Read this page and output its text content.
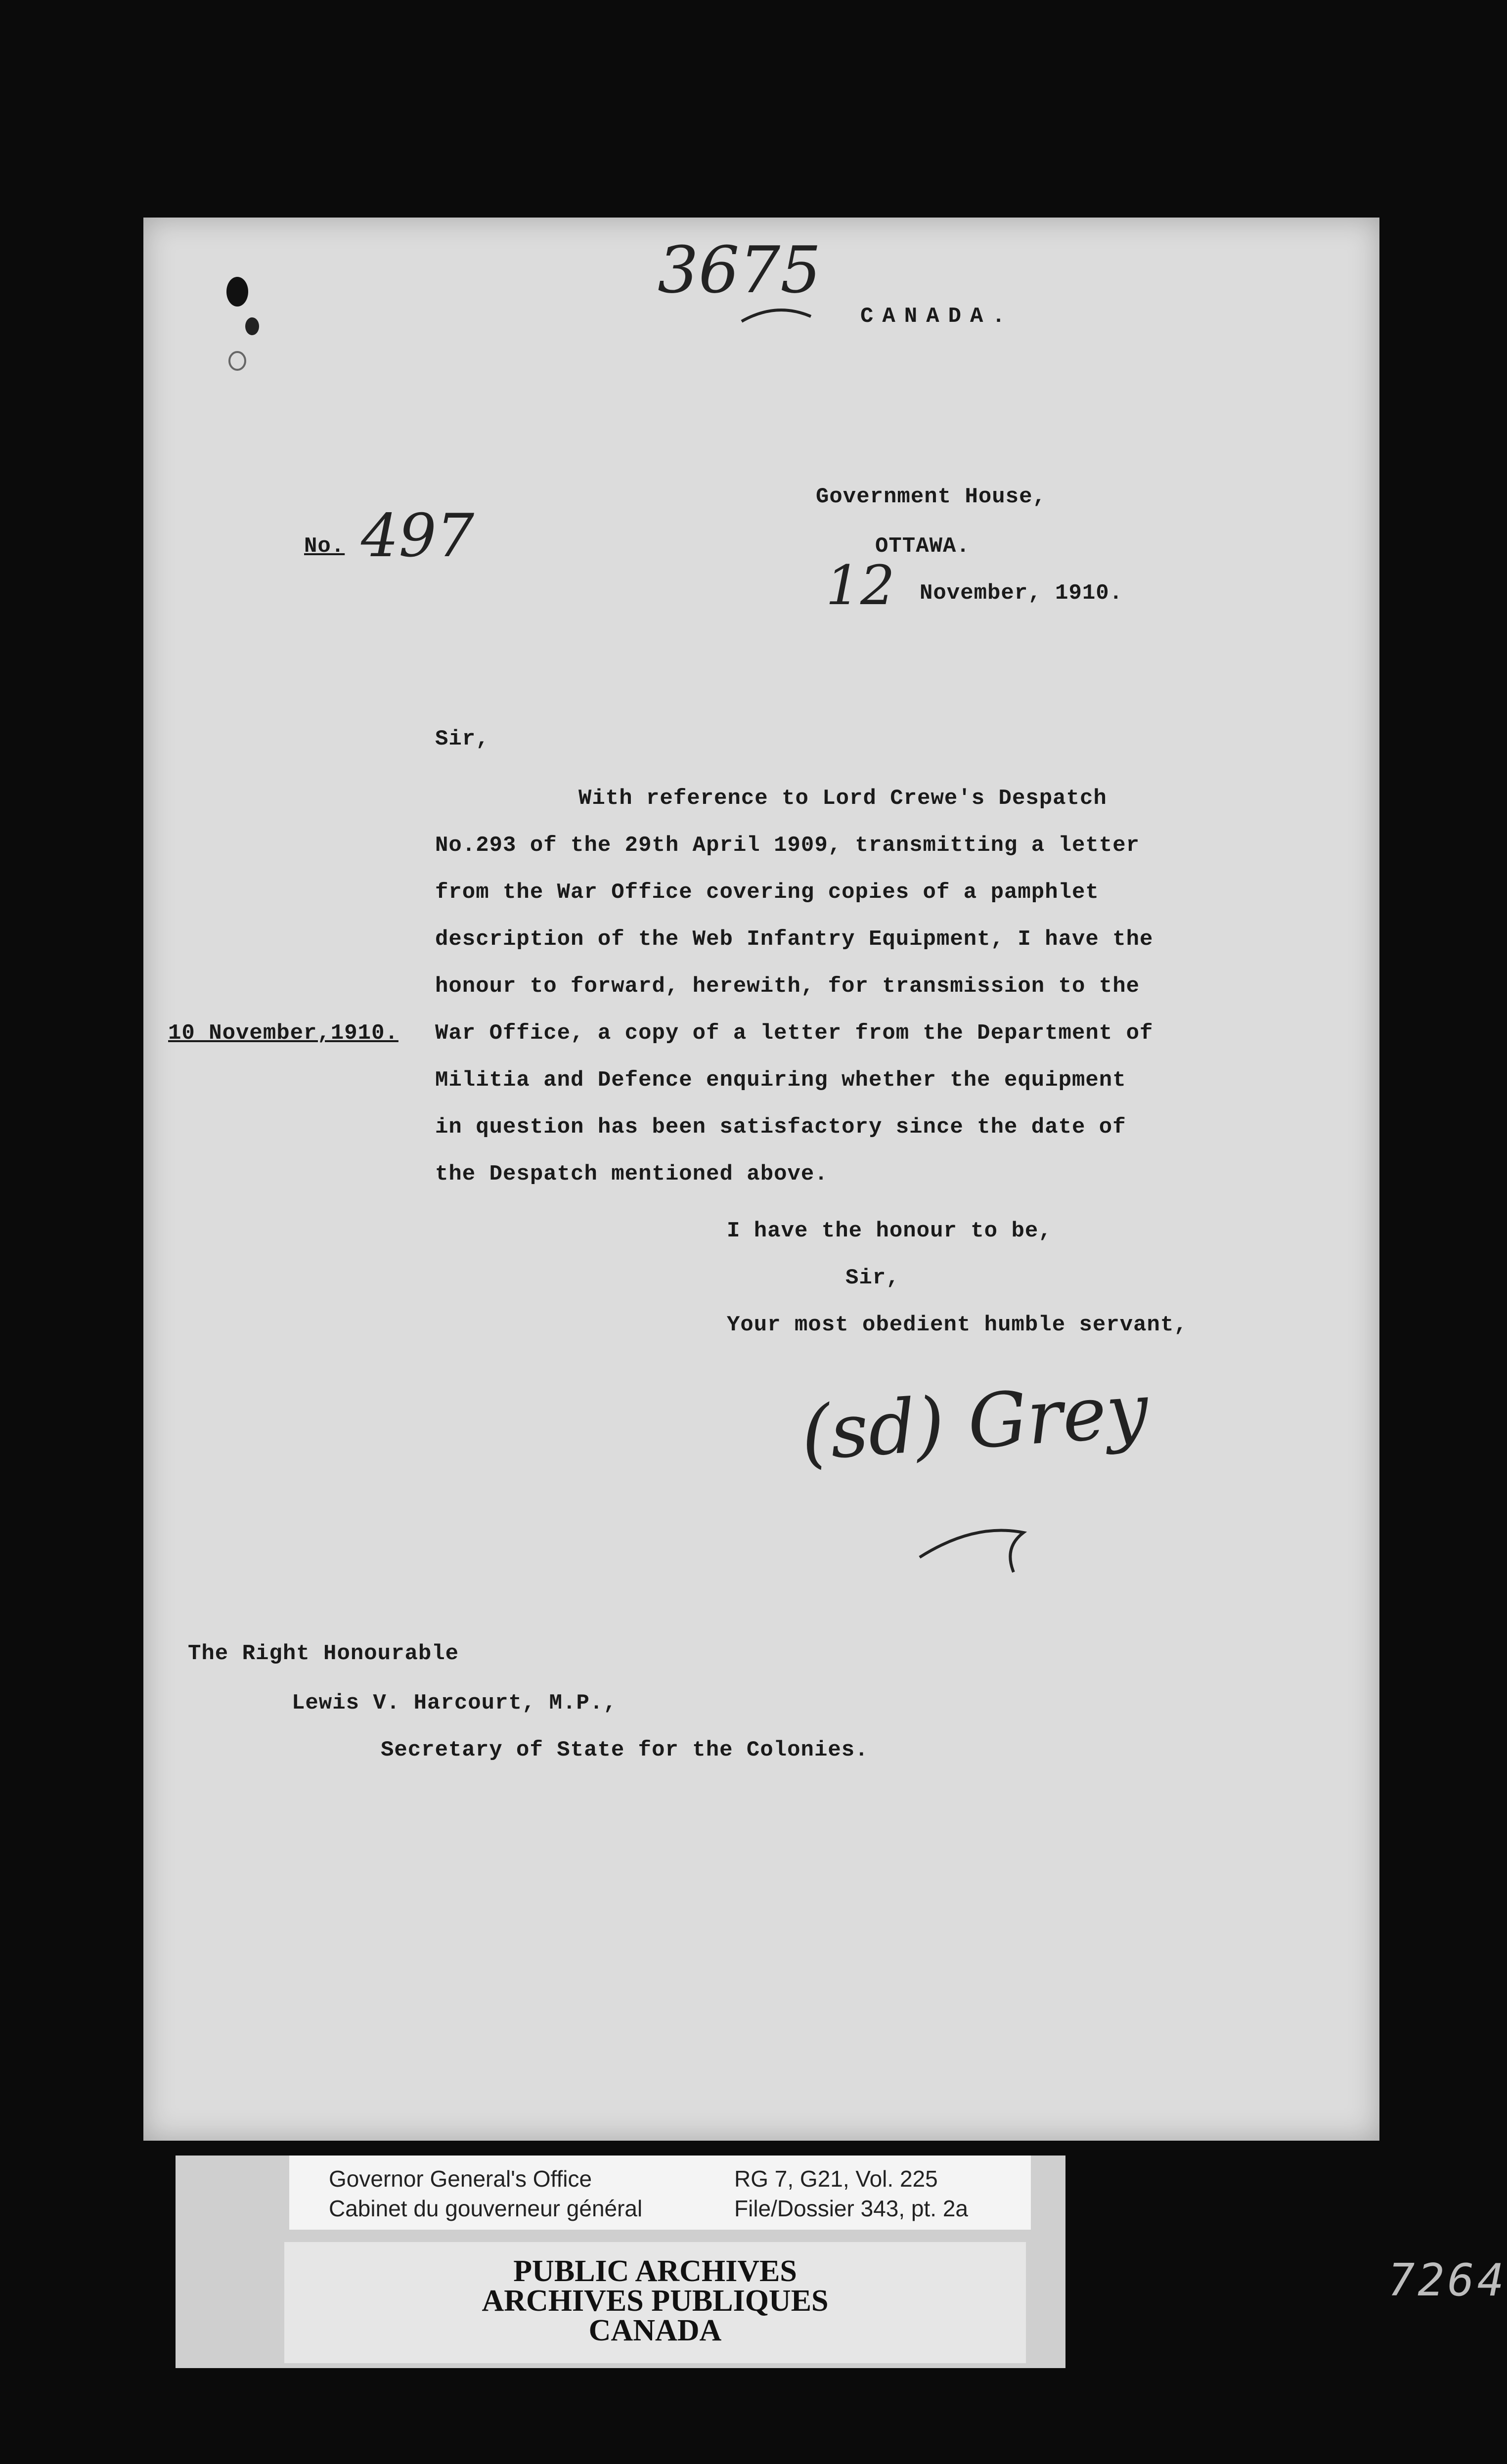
3675
CANADA.
Government House,
OTTAWA.
No. 497
12 November, 1910.
Sir,
With reference to Lord Crewe's Despatch
No.293 of the 29th April 1909, transmitting a letter
from the War Office covering copies of a pamphlet
description of the Web Infantry Equipment, I have the
honour to forward, herewith, for transmission to the
War Office, a copy of a letter from the Department of
Militia and Defence enquiring whether the equipment
in question has been satisfactory since the date of
the Despatch mentioned above.
10 November,1910.
I have the honour to be,
Sir,
Your most obedient humble servant,
(sd) Grey
The Right Honourable
Lewis V. Harcourt, M.P.,
Secretary of State for the Colonies.
Governor General's Office
Cabinet du gouverneur général
RG 7, G21, Vol. 225
File/Dossier 343, pt. 2a
PUBLIC ARCHIVES
ARCHIVES PUBLIQUES
CANADA
7264
